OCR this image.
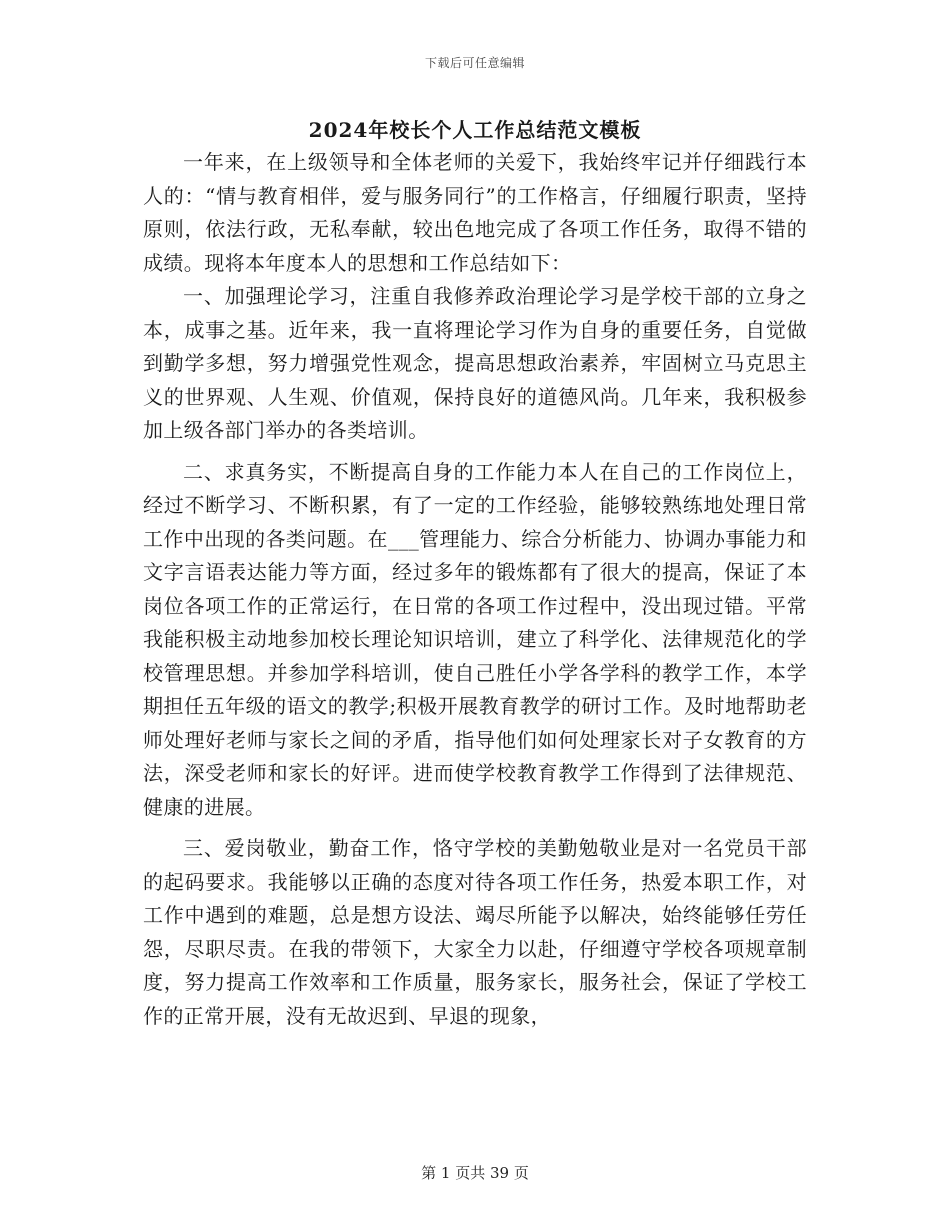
下载后可任意编辑
2024年校长个人工作总结范文模板

一年来，在上级领导和全体老师的关爱下，我始终牢记并仔细践行本人的：“情与教育相伴，爱与服务同行”的工作格言，仔细履行职责，坚持原则，依法行政，无私奉献，较出色地完成了各项工作任务，取得不错的成绩。现将本年度本人的思想和工作总结如下：

一、加强理论学习，注重自我修养政治理论学习是学校干部的立身之本，成事之基。近年来，我一直将理论学习作为自身的重要任务，自觉做到勤学多想，努力增强党性观念，提高思想政治素养，牢固树立马克思主义的世界观、人生观、价值观，保持良好的道德风尚。几年来，我积极参加上级各部门举办的各类培训。

二、求真务实，不断提高自身的工作能力本人在自己的工作岗位上，经过不断学习、不断积累，有了一定的工作经验，能够较熟练地处理日常工作中出现的各类问题。在___管理能力、综合分析能力、协调办事能力和文字言语表达能力等方面，经过多年的锻炼都有了很大的提高，保证了本岗位各项工作的正常运行，在日常的各项工作过程中，没出现过错。平常我能积极主动地参加校长理论知识培训，建立了科学化、法律规范化的学校管理思想。并参加学科培训，使自己胜任小学各学科的教学工作，本学期担任五年级的语文的教学;积极开展教育教学的研讨工作。及时地帮助老师处理好老师与家长之间的矛盾，指导他们如何处理家长对子女教育的方法，深受老师和家长的好评。进而使学校教育教学工作得到了法律规范、健康的进展。

三、爱岗敬业，勤奋工作，恪守学校的美勤勉敬业是对一名党员干部的起码要求。我能够以正确的态度对待各项工作任务，热爱本职工作，对工作中遇到的难题，总是想方设法、竭尽所能予以解决，始终能够任劳任怨，尽职尽责。在我的带领下，大家全力以赴，仔细遵守学校各项规章制度，努力提高工作效率和工作质量，服务家长，服务社会，保证了学校工作的正常开展，没有无故迟到、早退的现象，

第 1 页共 39 页
